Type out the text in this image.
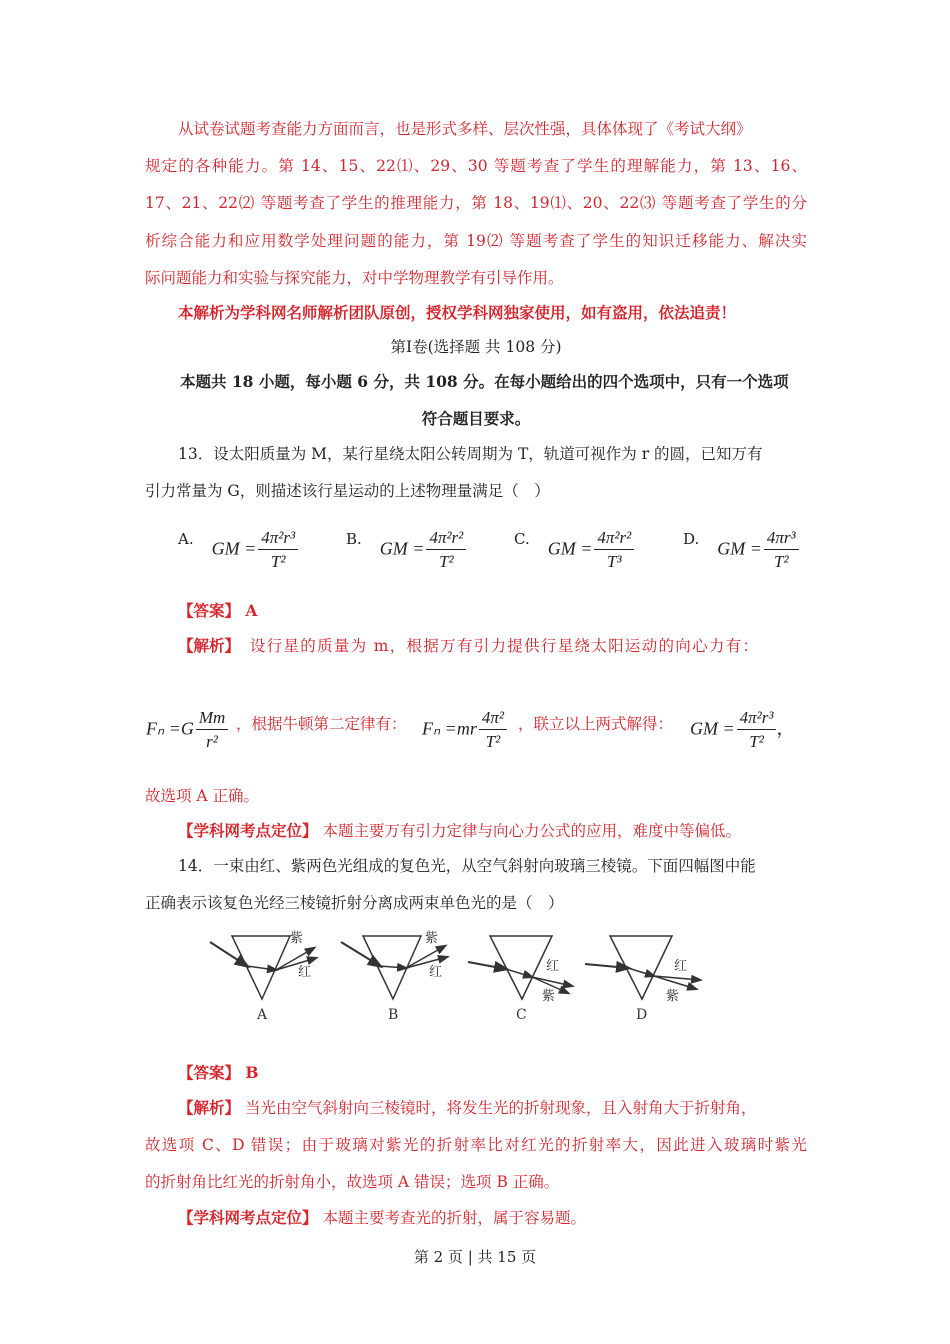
从试卷试题考查能力方面而言，也是形式多样、层次性强，具体体现了《考试大纲》
规定的各种能力。第 14、15、22⑴、29、30 等题考查了学生的理解能力，第 13、16、
17、21、22⑵ 等题考查了学生的推理能力，第 18、19⑴、20、22⑶ 等题考查了学生的分
析综合能力和应用数学处理问题的能力，第 19⑵ 等题考查了学生的知识迁移能力、解决实
际问题能力和实验与探究能力，对中学物理教学有引导作用。
本解析为学科网名师解析团队原创，授权学科网独家使用，如有盗用，依法追责！
第Ⅰ卷(选择题 共 108 分)
本题共 18 小题，每小题 6 分，共 108 分。在每小题给出的四个选项中，只有一个选项
符合题目要求。
13．设太阳质量为 M，某行星绕太阳公转周期为 T，轨道可视作为 r 的圆，已知万有
引力常量为 G，则描述该行星运动的上述物理量满足（　）
$^{A.}$ GM = $\frac{\text{4π²r³}}{\text{T²}}$	$^{B.}$ GM = $\frac{\text{4π²r²}}{\text{T²}}$	$^{C.}$ GM = $\frac{\text{4π²r²}}{\text{T³}}$	$^{D.}$ GM = $\frac{\text{4πr³}}{\text{T²}}$
【答案】 A
【解析】 设行星的质量为 m，根据万有引力提供行星绕太阳运动的向心力有：
$F_n =G \frac{Mm}{\text{r²}}$ ，根据牛顿第二定律有： $F_n =mr \frac{\text{4π²}}{\text{T²}}$ ，联立以上两式解得： GM = $\frac{\text{4π²r³}}{\text{T²}}$ ，
故选项 A 正确。
【学科网考点定位】 本题主要万有引力定律与向心力公式的应用，难度中等偏低。
14．一束由红、紫两色光组成的复色光，从空气斜射向玻璃三棱镜。下面四幅图中能
正确表示该复色光经三棱镜折射分离成两束单色光的是（　）
紫
红
A
紫
红
B
红
紫
C
红
紫
D
【答案】 B
【解析】 当光由空气斜射向三棱镜时，将发生光的折射现象，且入射角大于折射角，
故选项 C、D 错误；由于玻璃对紫光的折射率比对红光的折射率大，因此进入玻璃时紫光
的折射角比红光的折射角小，故选项 A 错误；选项 B 正确。
【学科网考点定位】 本题主要考查光的折射，属于容易题。
第 2 页 | 共 15 页
